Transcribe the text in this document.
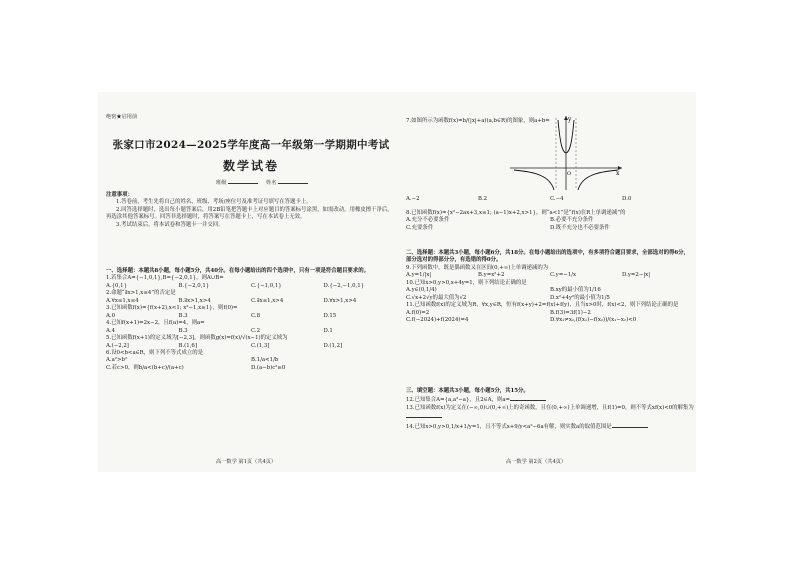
绝密★启用前
张家口市2024—2025学年度高一年级第一学期期中考试
数学试卷
班级	姓名

注意事项：

1.答卷前，考生先将自己的姓名、班级、考场/座位号及准考证号填写在答题卡上。

2.回答选择题时，选出每小题答案后，用2B铅笔把答题卡上对应题目的答案标号涂黑，如需改动，用橡皮擦干净后，再选涂其他答案标号。回答非选择题时，将答案写在答题卡上，写在本试卷上无效。

3.考试结束后，将本试卷和答题卡一并交回。

一、选择题：本题共8小题，每小题5分，共40分。在每小题给出的四个选项中，只有一项是符合题目要求的。

1.若集合A={−1,0,1},B={−2,0,1}，则A∪B=

A.{0,1}	B.{−2,0,1}	C.{−1,0,1}	D.{−2,−1,0,1}

2.命题“∃x>1,x≤4”的否定是

A.∀x≤1,x≤4	B.∃x>1,x>4	C.∃x≤1,x>4	D.∀x>1,x>4

3.已知函数f(x)={f(x+2),x<1; x²−1,x≥1}，则f(0)=

A.0	B.3	C.8	D.15

4.已知f(x+1)=2x−2，且f(a)=4，则a=

A.4	B.3	C.2	D.1

5.已知函数f(x+1)的定义域为[−2,3]，则函数g(x)=f(x)/√(x−1)的定义域为

A.(−2,2]	B.(1,6]	C.(1,3]	D.(1,2]

6.设0<b<a∈R，则下列不等式成立的是

A.a²>b²	B.1/a<1/b
C.若c>0，则b/a<(b+c)/(a+c)	D.(a−b)c²≥0
高一数学 第1页（共4页）

7.如图所示为函数f(x)=b/(|x|+a)(a,b∈R)的图象，则a+b=	y
x
O
A.−2	B.2	C.−4	D.0

8.已知函数f(x)={x²−2ax+3,x≤1; (a−1)x+2,x>1}，则“a<1”是“f(x)在R上单调递减”的

A.充分不必要条件	B.必要不充分条件
C.充要条件	D.既不充分也不必要条件

二、选择题：本题共3小题，每小题6分，共18分。在每小题给出的选项中，有多项符合题目要求，全部选对的得6分，部分选对的得部分分，有选错的得0分。

9.下列函数中，既是偶函数又在区间(0,+∞)上单调递减的为

A.y=1/|x|	B.y=x²+2	C.y=−1/x	D.y=2−|x|

10.已知x>0,y>0,x+4y=1，则下列结论正确的是

A.y∈(0,1/4)	B.xy的最小值为1/16
C.√x+2√y的最大值为√2	D.x²+4y²的最小值为1/5

11.已知函数f(x)的定义域为R，∀x,y∈R，恒有f(x+y)+2=f(x)+f(y)，且当x>0时，f(x)<2，则下列结论正确的是

A.f(0)=2	B.f(3)=3f(1)−2
C.f(−2024)+f(2024)=4	D.∀x₁≠x₂,(f(x₁)−f(x₂))/(x₁−x₂)<0

三、填空题：本题共3小题，每小题5分，共15分。

12.已知集合A={a,a²−a}，且2∈A，则a=

13.已知函数f(x)为定义在(−∞,0)∪(0,+∞)上的奇函数，且在(0,+∞)上单调递增，且f(1)=0，则不等式xf(x)<0的解集为

14.已知x>0,y>0,1/x+1/y=1，且不等式x+9/y<a²−6a有解，则实数a的取值范围是

高一数学 第2页（共4页）
